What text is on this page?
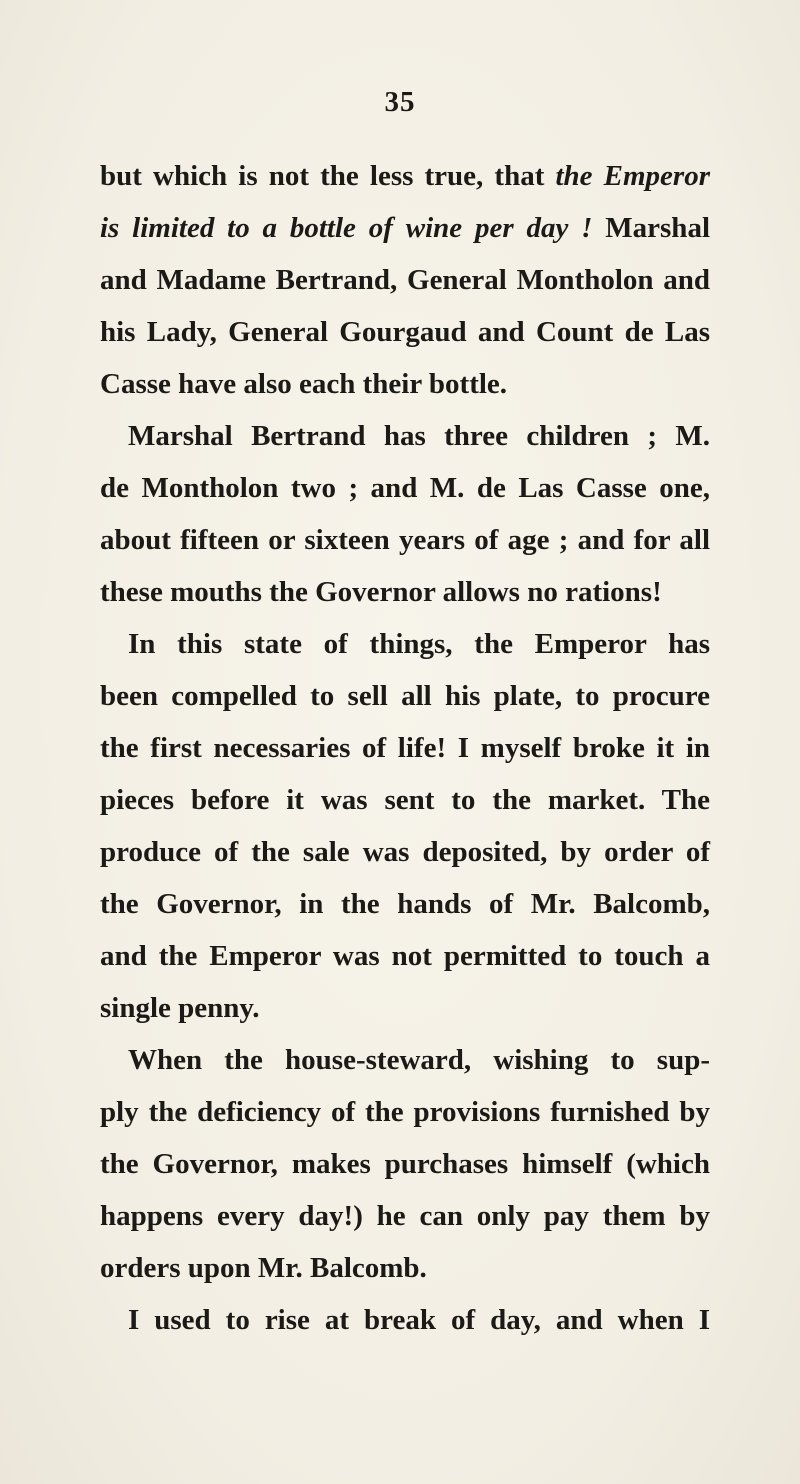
35
but which is not the less true, that the Emperor
is limited to a bottle of wine per day ! Marshal
and Madame Bertrand, General Montholon and
his Lady, General Gourgaud and Count de Las
Casse have also each their bottle.
Marshal Bertrand has three children ; M.
de Montholon two ; and M. de Las Casse one,
about fifteen or sixteen years of age ; and for all
these mouths the Governor allows no rations!
In this state of things, the Emperor has
been compelled to sell all his plate, to procure
the first necessaries of life! I myself broke it in
pieces before it was sent to the market. The
produce of the sale was deposited, by order of
the Governor, in the hands of Mr. Balcomb,
and the Emperor was not permitted to touch a
single penny.
When the house-steward, wishing to sup-
ply the deficiency of the provisions furnished by
the Governor, makes purchases himself (which
happens every day!) he can only pay them by
orders upon Mr. Balcomb.
I used to rise at break of day, and when I
